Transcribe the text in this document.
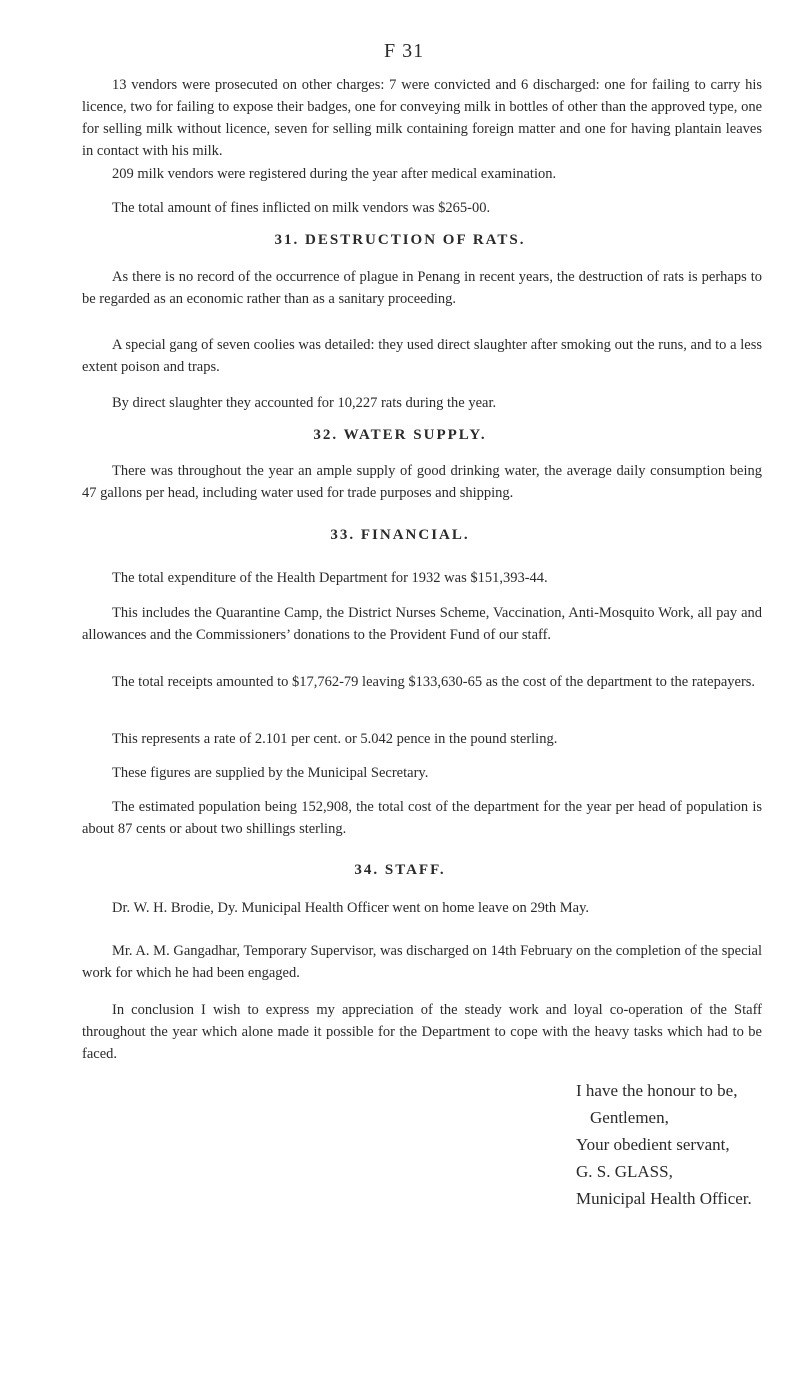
F 31

13 vendors were prosecuted on other charges: 7 were convicted and 6 discharged: one for failing to carry his licence, two for failing to expose their badges, one for conveying milk in bottles of other than the approved type, one for selling milk without licence, seven for selling milk containing foreign matter and one for having plantain leaves in contact with his milk.

209 milk vendors were registered during the year after medical examination.

The total amount of fines inflicted on milk vendors was $265-00.

31. DESTRUCTION OF RATS.

As there is no record of the occurrence of plague in Penang in recent years, the destruction of rats is perhaps to be regarded as an economic rather than as a sanitary proceeding.

A special gang of seven coolies was detailed: they used direct slaughter after smoking out the runs, and to a less extent poison and traps.

By direct slaughter they accounted for 10,227 rats during the year.

32. WATER SUPPLY.

There was throughout the year an ample supply of good drinking water, the average daily consumption being 47 gallons per head, including water used for trade purposes and shipping.

33. FINANCIAL.

The total expenditure of the Health Department for 1932 was $151,393-44.

This includes the Quarantine Camp, the District Nurses Scheme, Vaccination, Anti-Mosquito Work, all pay and allowances and the Commissioners’ donations to the Provident Fund of our staff.

The total receipts amounted to $17,762-79 leaving $133,630-65 as the cost of the department to the ratepayers.

This represents a rate of 2.101 per cent. or 5.042 pence in the pound sterling.

These figures are supplied by the Municipal Secretary.

The estimated population being 152,908, the total cost of the department for the year per head of population is about 87 cents or about two shillings sterling.

34. STAFF.

Dr. W. H. Brodie, Dy. Municipal Health Officer went on home leave on 29th May.

Mr. A. M. Gangadhar, Temporary Supervisor, was discharged on 14th February on the completion of the special work for which he had been engaged.

In conclusion I wish to express my appreciation of the steady work and loyal co-operation of the Staff throughout the year which alone made it possible for the Department to cope with the heavy tasks which had to be faced.

I have the honour to be,
Gentlemen,
Your obedient servant,
G. S. GLASS,
Municipal Health Officer.
